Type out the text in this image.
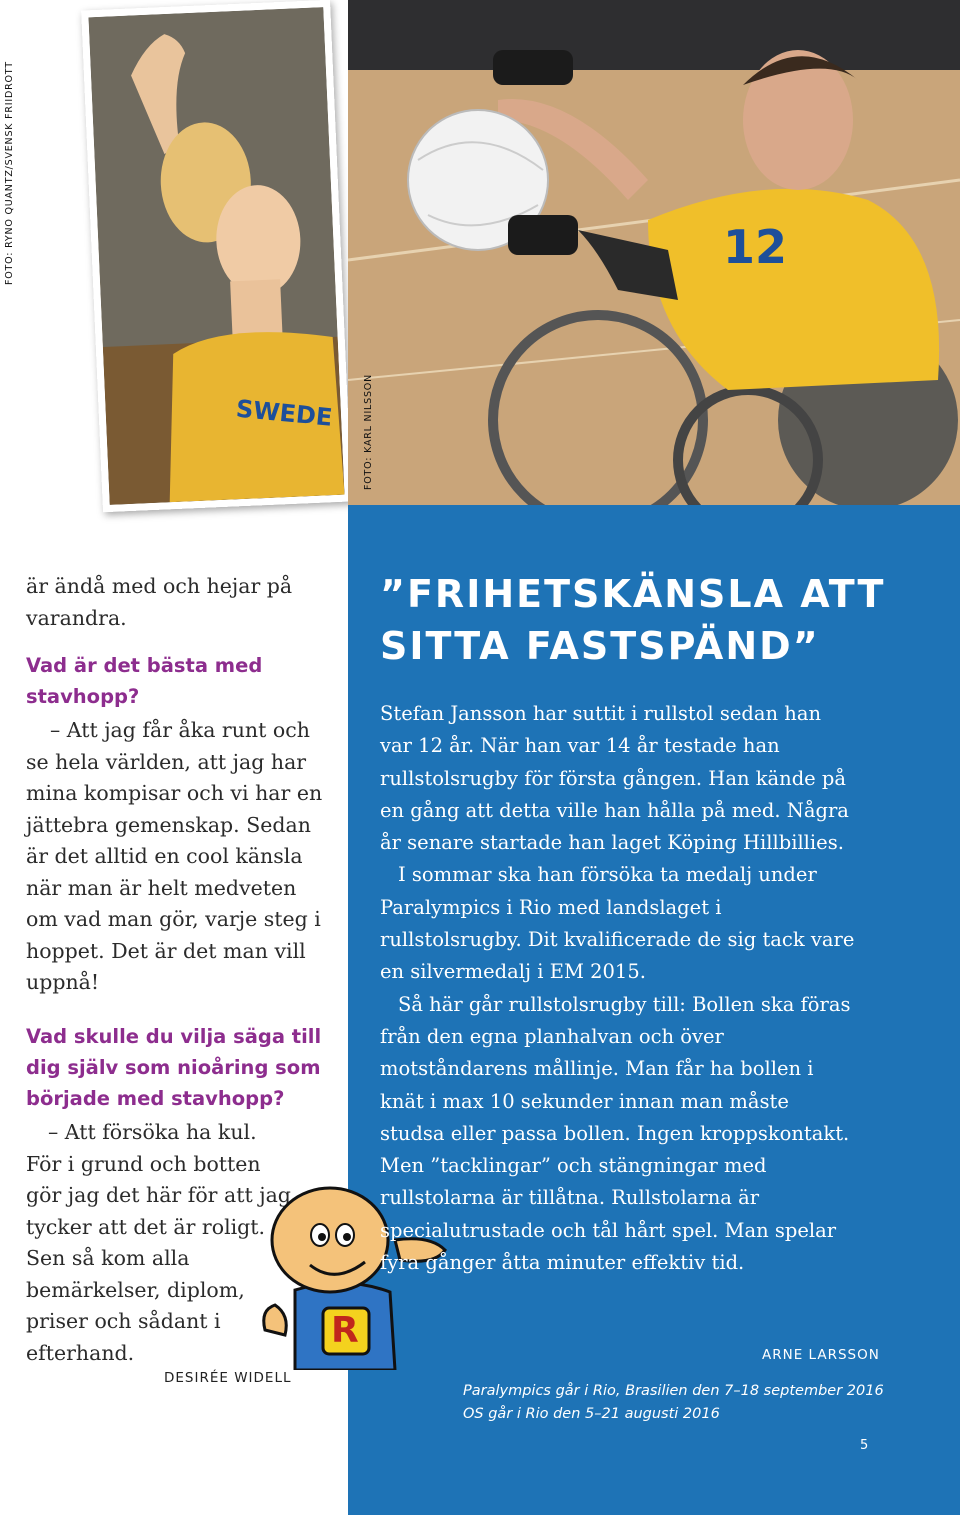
SWEDE
FOTO: RYNO QUANTZ/SVENSK FRIIDROTT	12
FOTO: KARL NILSSON
är ändå med och hejar på varandra.
Vad är det bästa med stavhopp?
– Att jag får åka runt och se hela världen, att jag har mina kompisar och vi har en jättebra gemenskap. Sedan är det alltid en cool känsla när man är helt medveten om vad man gör, varje steg i hoppet. Det är det man vill uppnå!
Vad skulle du vilja säga till dig själv som nioåring som började med stavhopp?
– Att försöka ha kul. För i grund och botten gör jag det här för att jag tycker att det är roligt. Sen så kom alla bemärkelser, diplom, priser och sådant i efterhand.
DESIRÉE WIDELL
R
”FRIHETSKÄNSLA ATT
SITTA FASTSPÄND”

Stefan Jansson har suttit i rullstol sedan han var 12 år. När han var 14 år testade han rullstolsrugby för första gången. Han kände på en gång att detta ville han hålla på med. Några år senare startade han laget Köping Hillbillies.

I sommar ska han försöka ta medalj under Paralympics i Rio med landslaget i rullstolsrugby. Dit kvalificerade de sig tack vare en silvermedalj i EM 2015.

Så här går rullstolsrugby till: Bollen ska föras från den egna planhalvan och över motståndarens mållinje. Man får ha bollen i knät i max 10 sekunder innan man måste studsa eller passa bollen. Ingen kroppskontakt. Men ”tacklingar” och stängningar med rullstolarna är tillåtna. Rullstolarna är specialutrustade och tål hårt spel. Man spelar fyra gånger åtta minuter effektiv tid.

ARNE LARSSON
Paralympics går i Rio, Brasilien den 7–18 september 2016
OS går i Rio den 5–21 augusti 2016
5
